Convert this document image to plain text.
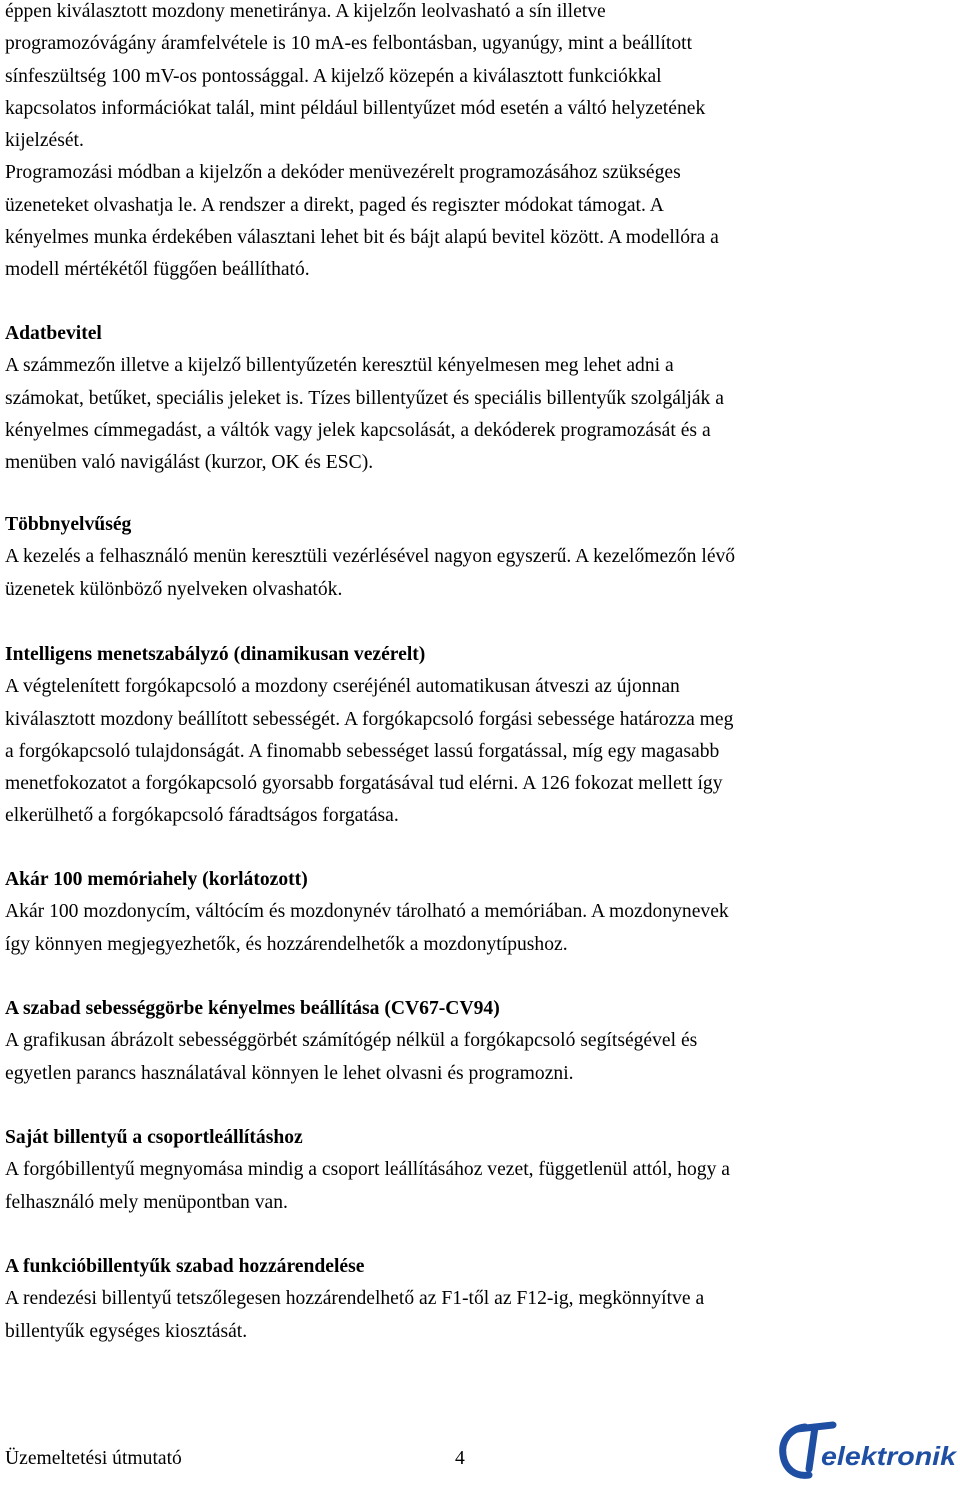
éppen kiválasztott mozdony menetiránya. A kijelzőn leolvasható a sín illetve

programozóvágány áramfelvétele is 10 mA-es felbontásban, ugyanúgy, mint a beállított

sínfeszültség 100 mV-os pontossággal. A kijelző közepén a kiválasztott funkciókkal

kapcsolatos információkat talál, mint például billentyűzet mód esetén a váltó helyzetének

kijelzését.

Programozási módban a kijelzőn a dekóder menüvezérelt programozásához szükséges

üzeneteket olvashatja le. A rendszer a direkt, paged és regiszter módokat támogat. A

kényelmes munka érdekében választani lehet bit és bájt alapú bevitel között. A modellóra a

modell mértékétől függően beállítható.

Adatbevitel

A számmezőn illetve a kijelző billentyűzetén keresztül kényelmesen meg lehet adni a

számokat, betűket, speciális jeleket is. Tízes billentyűzet és speciális billentyűk szolgálják a

kényelmes címmegadást, a váltók vagy jelek kapcsolását, a dekóderek programozását és a

menüben való navigálást (kurzor, OK és ESC).

Többnyelvűség

A kezelés a felhasználó menün keresztüli vezérlésével nagyon egyszerű. A kezelőmezőn lévő

üzenetek különböző nyelveken olvashatók.

Intelligens menetszabályzó (dinamikusan vezérelt)

A végtelenített forgókapcsoló a mozdony cseréjénél automatikusan átveszi az újonnan

kiválasztott mozdony beállított sebességét. A forgókapcsoló forgási sebessége határozza meg

a forgókapcsoló tulajdonságát. A finomabb sebességet lassú forgatással, míg egy magasabb

menetfokozatot a forgókapcsoló gyorsabb forgatásával tud elérni. A 126 fokozat mellett így

elkerülhető a forgókapcsoló fáradtságos forgatása.

Akár 100 memóriahely (korlátozott)

Akár 100 mozdonycím, váltócím és mozdonynév tárolható a memóriában. A mozdonynevek

így könnyen megjegyezhetők, és hozzárendelhetők a mozdonytípushoz.

A szabad sebességgörbe kényelmes beállítása (CV67-CV94)

A grafikusan ábrázolt sebességgörbét számítógép nélkül a forgókapcsoló segítségével és

egyetlen parancs használatával könnyen le lehet olvasni és programozni.

Saját billentyű a csoportleállításhoz

A forgóbillentyű megnyomása mindig a csoport leállításához vezet, függetlenül attól, hogy a

felhasználó mely menüpontban van.

A funkcióbillentyűk szabad hozzárendelése

A rendezési billentyű tetszőlegesen hozzárendelhető az F1-től az F12-ig, megkönnyítve a

billentyűk egységes kiosztását.

Üzemeltetési útmutató	4	elektronik
